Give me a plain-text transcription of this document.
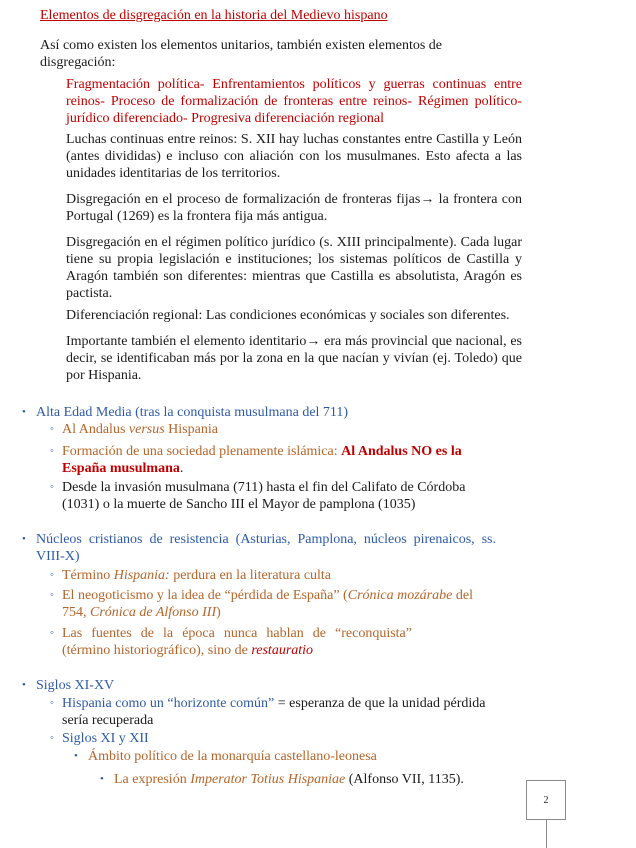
Elementos de disgregación en la historia del Medievo hispano
Así como existen los elementos unitarios, también existen elementos de disgregación:
Fragmentación política- Enfrentamientos políticos y guerras continuas entre reinos- Proceso de formalización de fronteras entre reinos- Régimen político-jurídico diferenciado- Progresiva diferenciación regional
Luchas continuas entre reinos: S. XII hay luchas constantes entre Castilla y León (antes divididas) e incluso con aliación con los musulmanes. Esto afecta a las unidades identitarias de los territorios.
Disgregación en el proceso de formalización de fronteras fijas→ la frontera con Portugal (1269) es la frontera fija más antigua.
Disgregación en el régimen político jurídico (s. XIII principalmente). Cada lugar tiene su propia legislación e instituciones; los sistemas políticos de Castilla y Aragón también son diferentes: mientras que Castilla es absolutista, Aragón es pactista.
Diferenciación regional: Las condiciones económicas y sociales son diferentes.
Importante también el elemento identitario→ era más provincial que nacional, es decir, se identificaban más por la zona en la que nacían y vivían (ej. Toledo) que por Hispania.
• Alta Edad Media (tras la conquista musulmana del 711)
◦ Al Andalus versus Hispania
◦ Formación de una sociedad plenamente islámica: Al Andalus NO es la España musulmana.
◦ Desde la invasión musulmana (711) hasta el fin del Califato de Córdoba (1031) o la muerte de Sancho III el Mayor de pamplona (1035)
• Núcleos cristianos de resistencia (Asturias, Pamplona, núcleos pirenaicos, ss. VIII-X)
◦ Término Hispania: perdura en la literatura culta
◦ El neogoticismo y la idea de “pérdida de España” (Crónica mozárabe del 754, Crónica de Alfonso III)
◦ Las fuentes de la época nunca hablan de “reconquista” (término historiográfico), sino de restauratio
• Siglos XI-XV
◦ Hispania como un “horizonte común” = esperanza de que la unidad pérdida sería recuperada
◦ Siglos XI y XII
• Ámbito político de la monarquía castellano-leonesa
• La expresión Imperator Totius Hispaniae (Alfonso VII, 1135).
2
